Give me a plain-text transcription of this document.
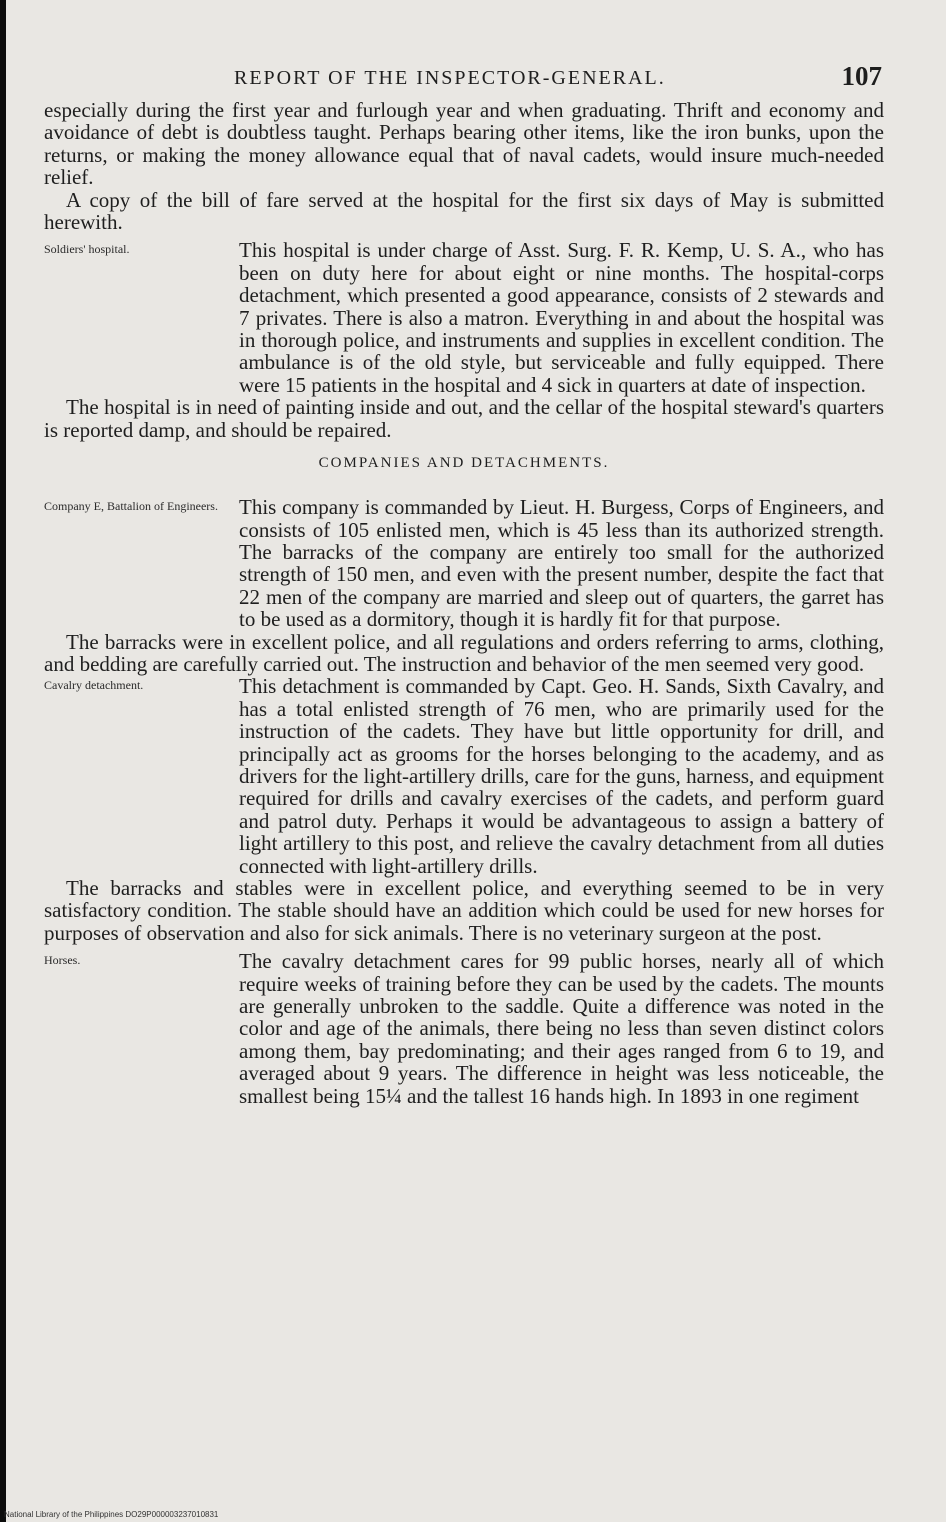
REPORT OF THE INSPECTOR-GENERAL.	107

especially during the first year and furlough year and when graduating. Thrift and economy and avoidance of debt is doubtless taught. Perhaps bearing other items, like the iron bunks, upon the returns, or making the money allowance equal that of naval cadets, would insure much-needed relief.

A copy of the bill of fare served at the hospital for the first six days of May is submitted herewith.

Soldiers' hospital.	This hospital is under charge of Asst. Surg. F. R. Kemp, U. S. A., who has been on duty here for about eight or nine months. The hospital-corps detachment, which presented a good appearance, consists of 2 stewards and 7 privates. There is also a matron. Everything in and about the hospital was in thorough police, and instruments and supplies in excellent condition. The ambulance is of the old style, but serviceable and fully equipped. There were 15 patients in the hospital and 4 sick in quarters at date of inspection.

The hospital is in need of painting inside and out, and the cellar of the hospital steward's quarters is reported damp, and should be repaired.

COMPANIES AND DETACHMENTS.

Company E, Battalion of Engineers.	This company is commanded by Lieut. H. Burgess, Corps of Engineers, and consists of 105 enlisted men, which is 45 less than its authorized strength. The barracks of the company are entirely too small for the authorized strength of 150 men, and even with the present number, despite the fact that 22 men of the company are married and sleep out of quarters, the garret has to be used as a dormitory, though it is hardly fit for that purpose.

The barracks were in excellent police, and all regulations and orders referring to arms, clothing, and bedding are carefully carried out. The instruction and behavior of the men seemed very good.

Cavalry detachment.	This detachment is commanded by Capt. Geo. H. Sands, Sixth Cavalry, and has a total enlisted strength of 76 men, who are primarily used for the instruction of the cadets. They have but little opportunity for drill, and principally act as grooms for the horses belonging to the academy, and as drivers for the light-artillery drills, care for the guns, harness, and equipment required for drills and cavalry exercises of the cadets, and perform guard and patrol duty. Perhaps it would be advantageous to assign a battery of light artillery to this post, and relieve the cavalry detachment from all duties connected with light-artillery drills.

The barracks and stables were in excellent police, and everything seemed to be in very satisfactory condition. The stable should have an addition which could be used for new horses for purposes of observation and also for sick animals. There is no veterinary surgeon at the post.

Horses.	The cavalry detachment cares for 99 public horses, nearly all of which require weeks of training before they can be used by the cadets. The mounts are generally unbroken to the saddle. Quite a difference was noted in the color and age of the animals, there being no less than seven distinct colors among them, bay predominating; and their ages ranged from 6 to 19, and averaged about 9 years. The difference in height was less noticeable, the smallest being 15¼ and the tallest 16 hands high. In 1893 in one regiment

National Library of the Philippines DO29P000003237010831
